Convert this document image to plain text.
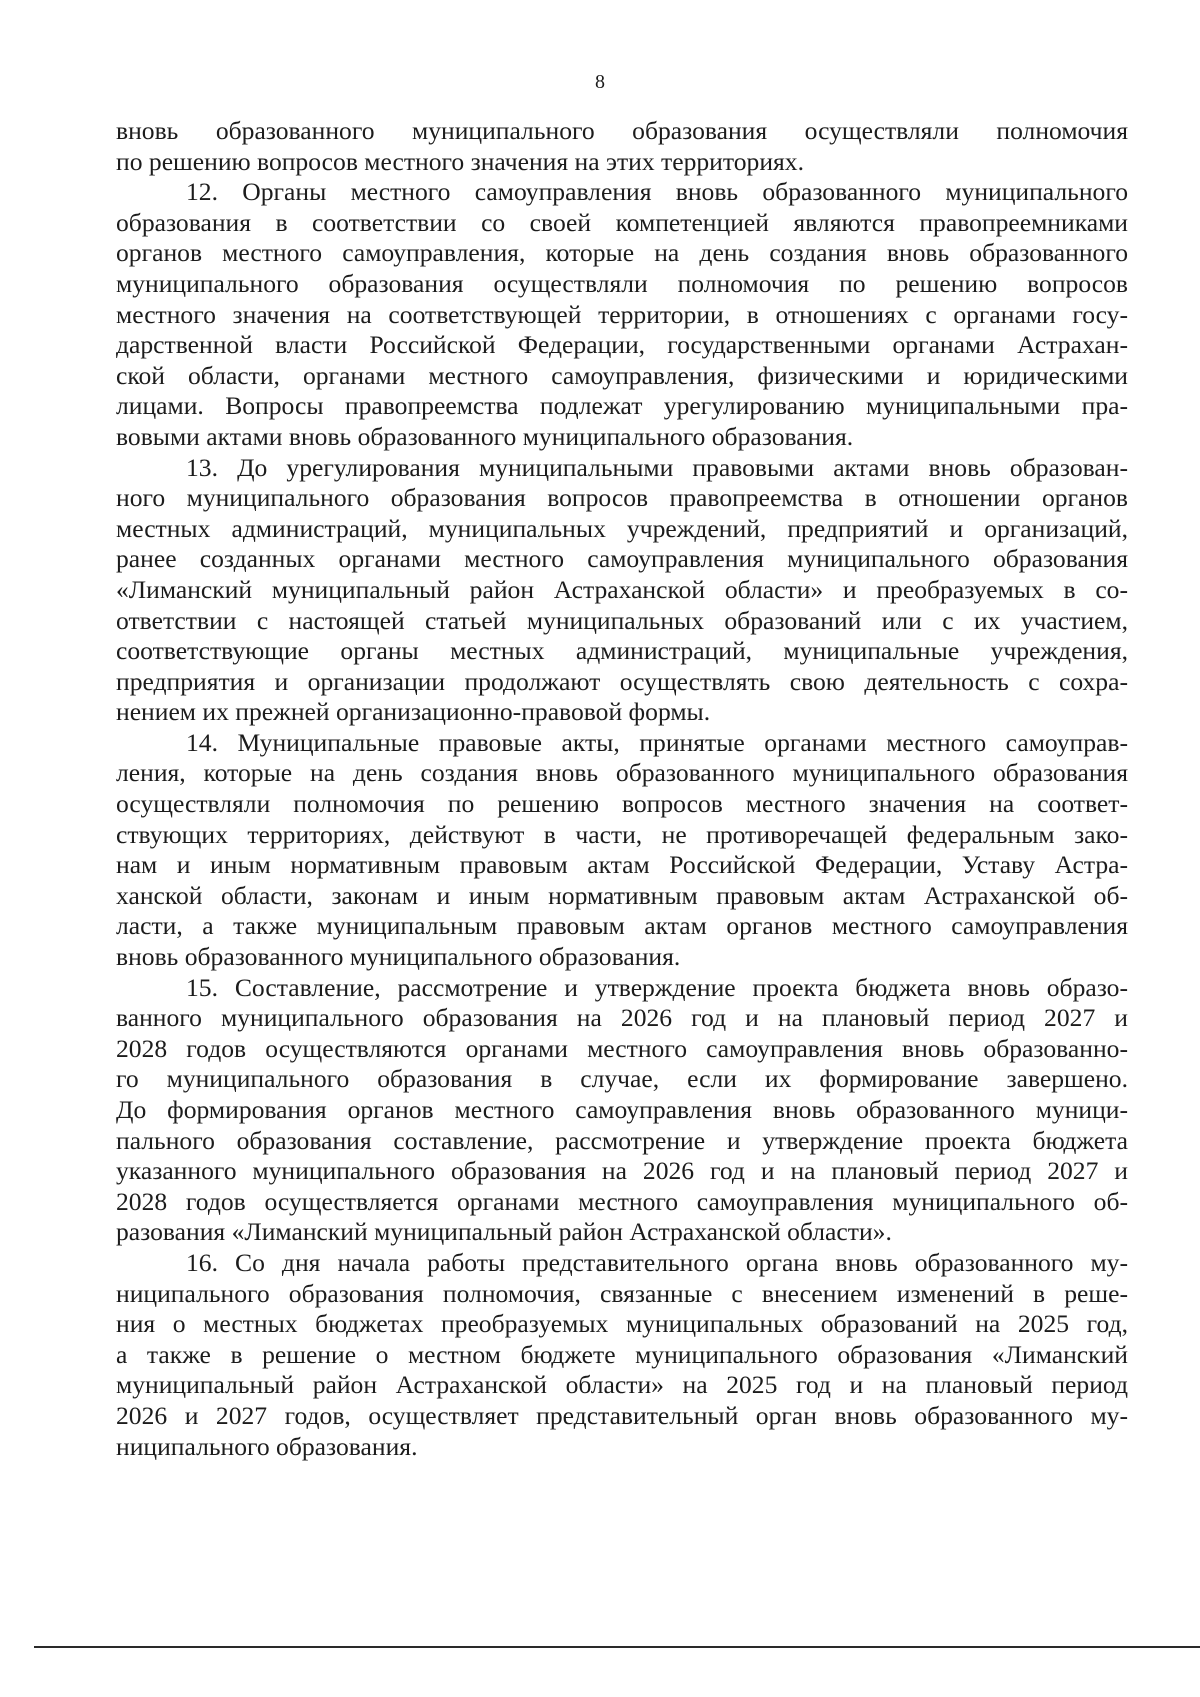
8
вновь образованного муниципального образования осуществляли полномочия
по решению вопросов местного значения на этих территориях.
12. Органы местного самоуправления вновь образованного муниципального
образования в соответствии со своей компетенцией являются правопреемниками
органов местного самоуправления, которые на день создания вновь образованного
муниципального образования осуществляли полномочия по решению вопросов
местного значения на соответствующей территории, в отношениях с органами госу-
дарственной власти Российской Федерации, государственными органами Астрахан-
ской области, органами местного самоуправления, физическими и юридическими
лицами. Вопросы правопреемства подлежат урегулированию муниципальными пра-
вовыми актами вновь образованного муниципального образования.
13. До урегулирования муниципальными правовыми актами вновь образован-
ного муниципального образования вопросов правопреемства в отношении органов
местных администраций, муниципальных учреждений, предприятий и организаций,
ранее созданных органами местного самоуправления муниципального образования
«Лиманский муниципальный район Астраханской области» и преобразуемых в со-
ответствии с настоящей статьей муниципальных образований или с их участием,
соответствующие органы местных администраций, муниципальные учреждения,
предприятия и организации продолжают осуществлять свою деятельность с сохра-
нением их прежней организационно-правовой формы.
14. Муниципальные правовые акты, принятые органами местного самоуправ-
ления, которые на день создания вновь образованного муниципального образования
осуществляли полномочия по решению вопросов местного значения на соответ-
ствующих территориях, действуют в части, не противоречащей федеральным зако-
нам и иным нормативным правовым актам Российской Федерации, Уставу Астра-
ханской области, законам и иным нормативным правовым актам Астраханской об-
ласти, а также муниципальным правовым актам органов местного самоуправления
вновь образованного муниципального образования.
15. Составление, рассмотрение и утверждение проекта бюджета вновь образо-
ванного муниципального образования на 2026 год и на плановый период 2027 и
2028 годов осуществляются органами местного самоуправления вновь образованно-
го муниципального образования в случае, если их формирование завершено.
До формирования органов местного самоуправления вновь образованного муници-
пального образования составление, рассмотрение и утверждение проекта бюджета
указанного муниципального образования на 2026 год и на плановый период 2027 и
2028 годов осуществляется органами местного самоуправления муниципального об-
разования «Лиманский муниципальный район Астраханской области».
16. Со дня начала работы представительного органа вновь образованного му-
ниципального образования полномочия, связанные с внесением изменений в реше-
ния о местных бюджетах преобразуемых муниципальных образований на 2025 год,
а также в решение о местном бюджете муниципального образования «Лиманский
муниципальный район Астраханской области» на 2025 год и на плановый период
2026 и 2027 годов, осуществляет представительный орган вновь образованного му-
ниципального образования.
